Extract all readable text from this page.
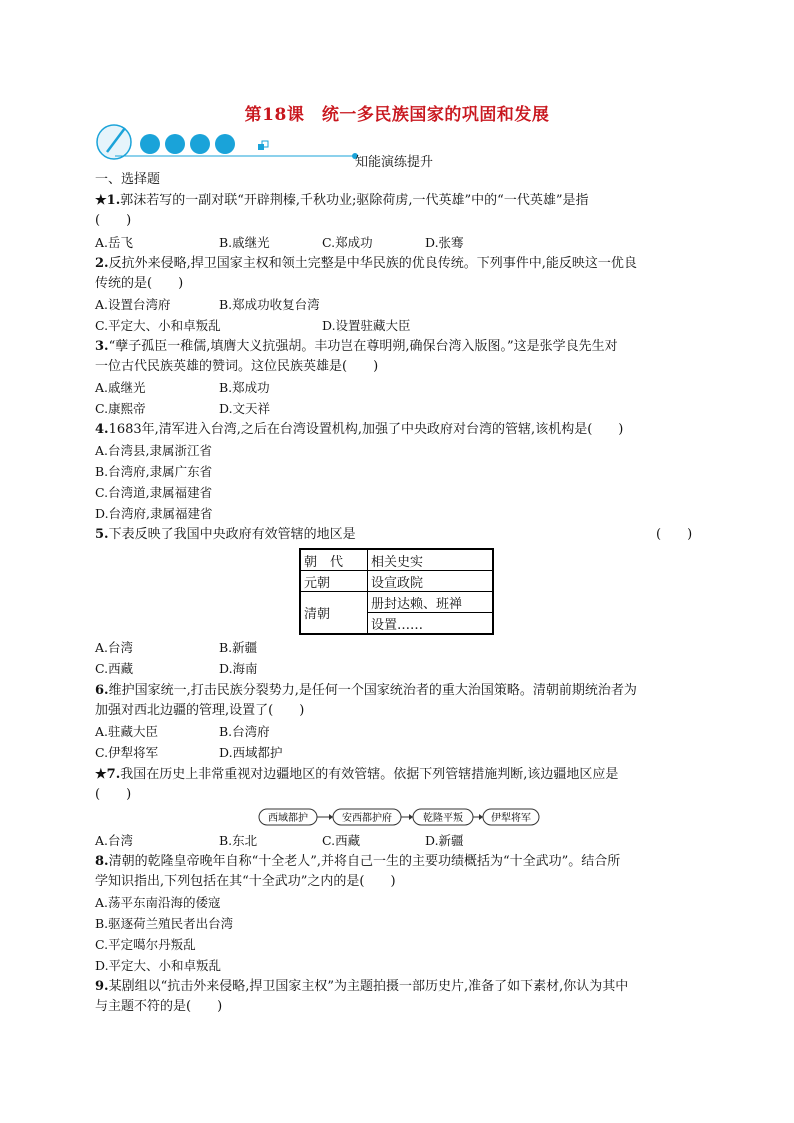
第18课　统一多民族国家的巩固和发展
知能演练提升
一、选择题
★1.郭沫若写的一副对联“开辟荆榛,千秋功业;驱除荷虏,一代英雄”中的“一代英雄”是指
(　　)
A.岳飞	B.戚继光	C.郑成功	D.张骞
2.反抗外来侵略,捍卫国家主权和领土完整是中华民族的优良传统。下列事件中,能反映这一优良
传统的是(　　)
A.设置台湾府	B.郑成功收复台湾
C.平定大、小和卓叛乱	D.设置驻藏大臣
3.“孽子孤臣一稚儒,填膺大义抗强胡。丰功岂在尊明朔,确保台湾入版图。”这是张学良先生对
一位古代民族英雄的赞词。这位民族英雄是(　　)
A.戚继光	B.郑成功
C.康熙帝	D.文天祥
4.1683年,清军进入台湾,之后在台湾设置机构,加强了中央政府对台湾的管辖,该机构是(　　)
A.台湾县,隶属浙江省
B.台湾府,隶属广东省
C.台湾道,隶属福建省
D.台湾府,隶属福建省
5.下表反映了我国中央政府有效管辖的地区是	(　　)
朝　代	相关史实
元朝	设宣政院
清朝	册封达赖、班禅
	设置……
A.台湾	B.新疆
C.西藏	D.海南
6.维护国家统一,打击民族分裂势力,是任何一个国家统治者的重大治国策略。清朝前期统治者为
加强对西北边疆的管理,设置了(　　)
A.驻藏大臣	B.台湾府
C.伊犁将军	D.西域都护
★7.我国在历史上非常重视对边疆地区的有效管辖。依据下列管辖措施判断,该边疆地区应是
(　　)
西域都护	安西都护府	乾隆平叛	伊犁将军
A.台湾	B.东北	C.西藏	D.新疆
8.清朝的乾隆皇帝晚年自称“十全老人”,并将自己一生的主要功绩概括为“十全武功”。结合所
学知识指出,下列包括在其“十全武功”之内的是(　　)
A.荡平东南沿海的倭寇
B.驱逐荷兰殖民者出台湾
C.平定噶尔丹叛乱
D.平定大、小和卓叛乱
9.某剧组以“抗击外来侵略,捍卫国家主权”为主题拍摄一部历史片,准备了如下素材,你认为其中
与主题不符的是(　　)
